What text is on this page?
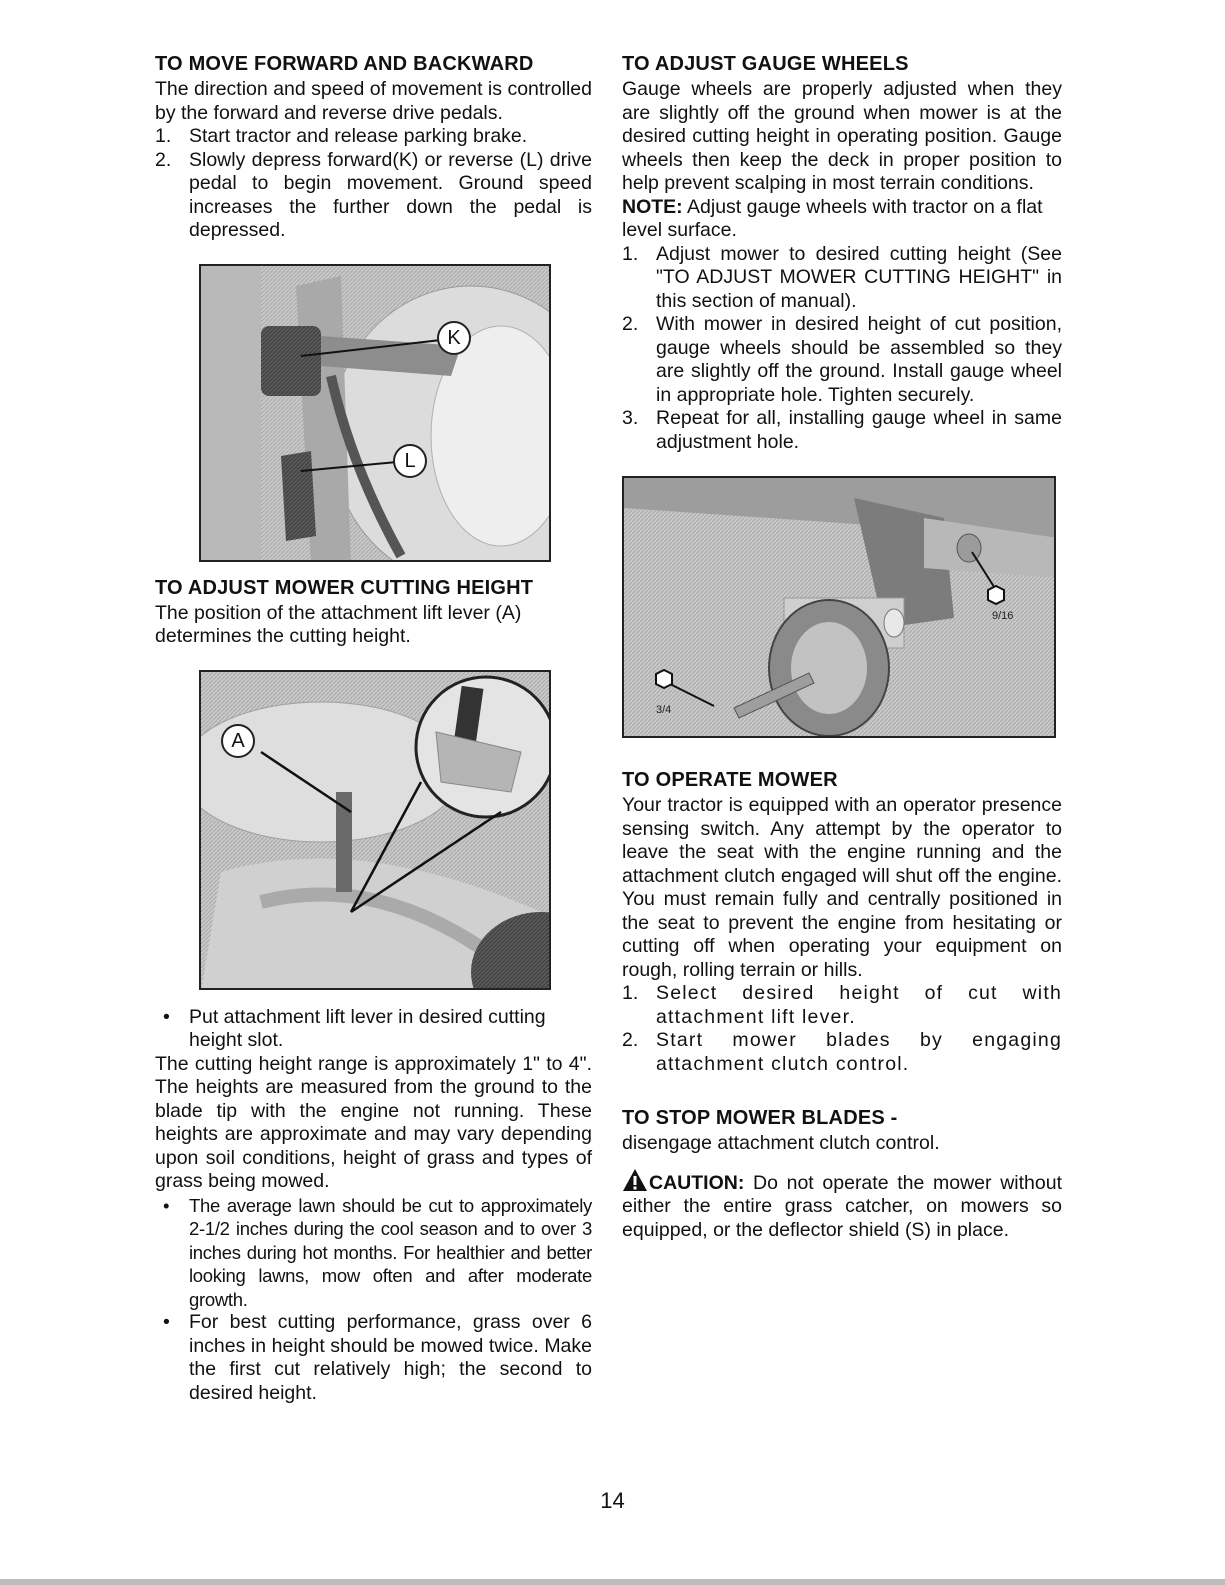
TO MOVE FORWARD AND BACKWARD

The direction and speed of movement is controlled by the forward and reverse drive pedals.

1. Start tractor and release parking brake.
2. Slowly depress forward(K) or reverse (L) drive pedal to begin movement. Ground speed increases the further down the pedal is depressed.
K
L
TO ADJUST MOWER CUTTING HEIGHT

The position of the attachment lift lever (A) determines the cutting height.

A
• Put attachment lift lever in desired cutting height slot.

The cutting height range is approximately 1" to 4". The heights are measured from the ground to the blade tip with the engine not running. These heights are approximate and may vary depending upon soil conditions, height of grass and types of grass being mowed.

• The average lawn should be cut to approximately 2-1/2 inches during the cool season and to over 3 inches during hot months. For healthier and better looking lawns, mow often and after moderate growth.
• For best cutting performance, grass over 6 inches in height should be mowed twice. Make the first cut relatively high; the second to desired height.
TO ADJUST GAUGE WHEELS

Gauge wheels are properly adjusted when they are slightly off the ground when mower is at the desired cutting height in operating position. Gauge wheels then keep the deck in proper position to help prevent scalping in most terrain conditions.

NOTE: Adjust gauge wheels with tractor on a flat level surface.

1. Adjust mower to desired cutting height (See "TO ADJUST MOWER CUTTING HEIGHT" in this section of manual).
2. With mower in desired height of cut position, gauge wheels should be assembled so they are slightly off the ground. Install gauge wheel in appropriate hole. Tighten securely.
3. Repeat for all, installing gauge wheel in same adjustment hole.
9/16
3/4
TO OPERATE MOWER

Your tractor is equipped with an operator presence sensing switch. Any attempt by the operator to leave the seat with the engine running and the attachment clutch engaged will shut off the engine. You must remain fully and centrally positioned in the seat to prevent the engine from hesitating or cutting off when operating your equipment on rough, rolling terrain or hills.

1. Select desired height of cut with attachment lift lever.
2. Start mower blades by engaging attachment clutch control.
TO STOP MOWER BLADES -

disengage attachment clutch control.

CAUTION: Do not operate the mower without either the entire grass catcher, on mowers so equipped, or the deflector shield (S) in place.

14
